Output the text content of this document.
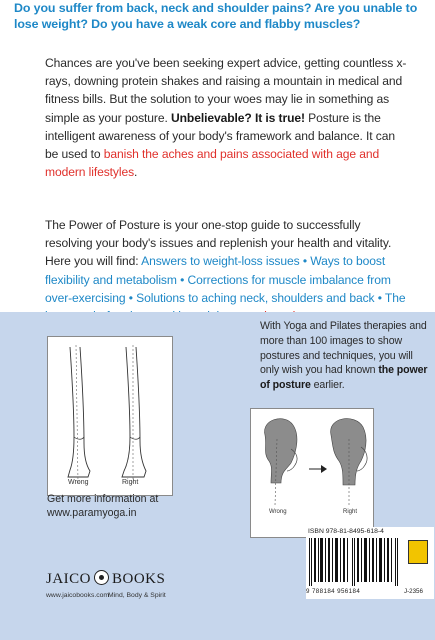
Do you suffer from back, neck and shoulder pains? Are you unable to lose weight? Do you have a weak core and flabby muscles?

Chances are you've been seeking expert advice, getting countless x-rays, downing protein shakes and raising a mountain in medical and fitness bills. But the solution to your woes may lie in something as simple as your posture. Unbelievable? It is true! Posture is the intelligent awareness of your body's framework and balance. It can be used to banish the aches and pains associated with age and modern lifestyles.

The Power of Posture is your one-stop guide to successfully resolving your body's issues and replenish your health and vitality. Here you will find: Answers to weight-loss issues • Ways to boost flexibility and metabolism • Corrections for muscle imbalance from over-exercising • Solutions to aching neck, shoulders and back • The

Wrong	Right

With Yoga and Pilates therapies and more than 100 images to show postures and techniques, you will only wish you had known the power of posture earlier.

Wrong	Right

Get more information at www.paramyoga.in

JAICO BOOKS
www.jaicobooks.com
Mind, Body & Spirit
ISBN 978-81-8495-618-4
9 788184 956184	J-2356
